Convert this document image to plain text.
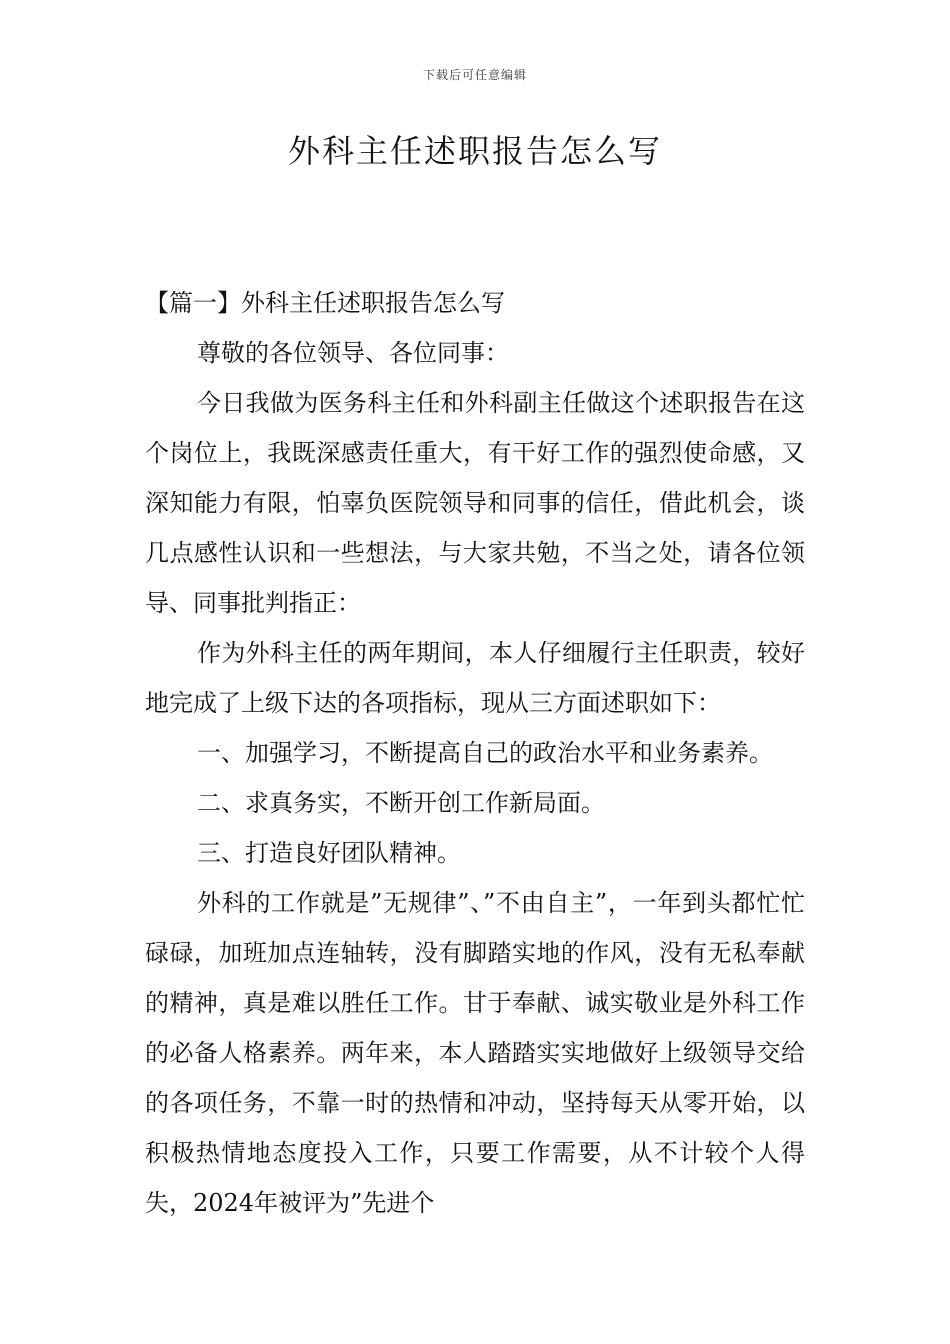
下载后可任意编辑
外科主任述职报告怎么写

【篇一】外科主任述职报告怎么写

尊敬的各位领导、各位同事：

今日我做为医务科主任和外科副主任做这个述职报告在这个岗位上，我既深感责任重大，有干好工作的强烈使命感，又深知能力有限，怕辜负医院领导和同事的信任，借此机会，谈几点感性认识和一些想法，与大家共勉，不当之处，请各位领导、同事批判指正：

作为外科主任的两年期间，本人仔细履行主任职责，较好地完成了上级下达的各项指标，现从三方面述职如下：

一、加强学习，不断提高自己的政治水平和业务素养。

二、求真务实，不断开创工作新局面。

三、打造良好团队精神。

外科的工作就是”无规律”、”不由自主”，一年到头都忙忙碌碌，加班加点连轴转，没有脚踏实地的作风，没有无私奉献的精神，真是难以胜任工作。甘于奉献、诚实敬业是外科工作的必备人格素养。两年来，本人踏踏实实地做好上级领导交给的各项任务，不靠一时的热情和冲动，坚持每天从零开始，以积极热情地态度投入工作，只要工作需要，从不计较个人得失，2024年被评为”先进个
